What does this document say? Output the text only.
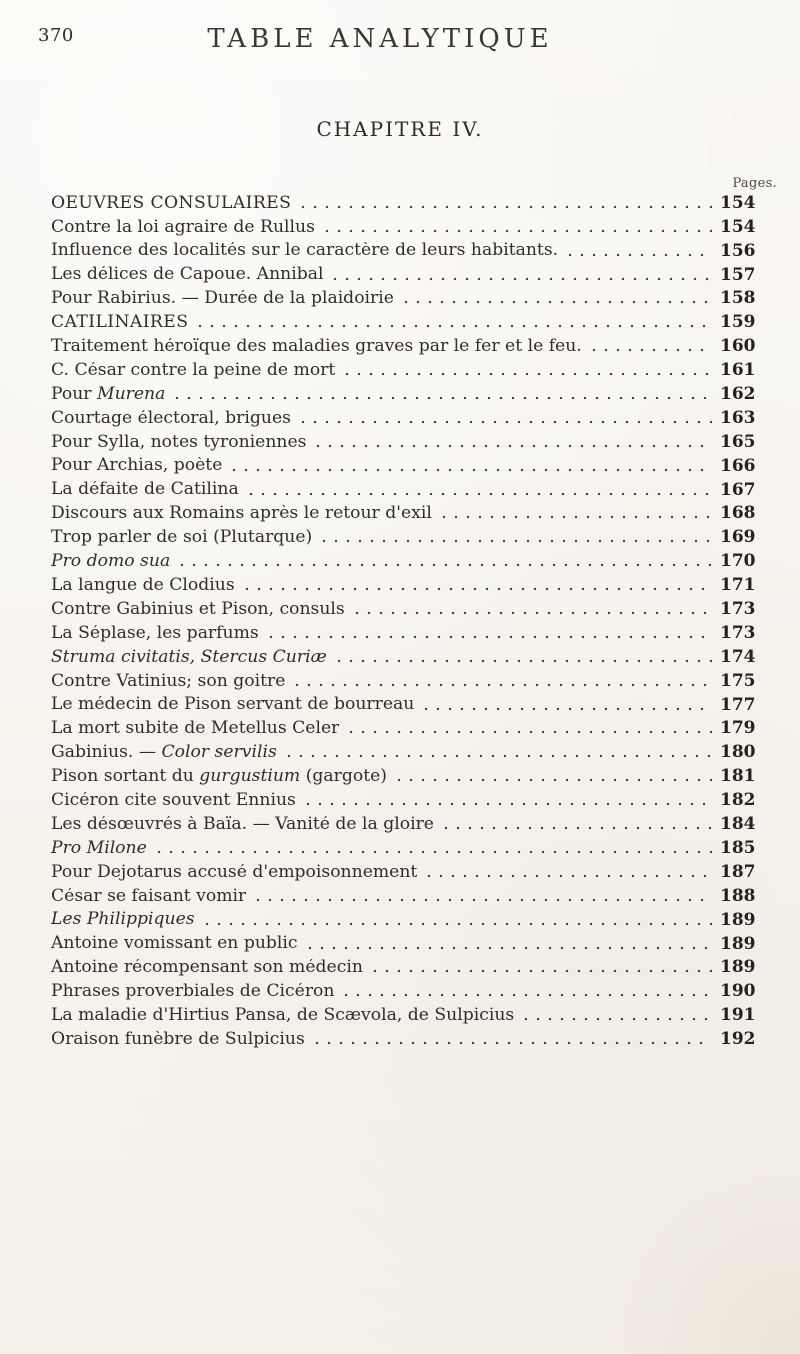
370	TABLE ANALYTIQUE
CHAPITRE IV.
Pages.
OEUVRES CONSULAIRES	154
Contre la loi agraire de Rullus	154
Influence des localités sur le caractère de leurs habitants.	156
Les délices de Capoue. Annibal	157
Pour Rabirius. — Durée de la plaidoirie	158
CATILINAIRES	159
Traitement héroïque des maladies graves par le fer et le feu.	160
C. César contre la peine de mort	161
Pour Murena	162
Courtage électoral, brigues	163
Pour Sylla, notes tyroniennes	165
Pour Archias, poète	166
La défaite de Catilina	167
Discours aux Romains après le retour d'exil	168
Trop parler de soi (Plutarque)	169
Pro domo sua	170
La langue de Clodius	171
Contre Gabinius et Pison, consuls	173
La Séplase, les parfums	173
Struma civitatis, Stercus Curiæ	174
Contre Vatinius; son goitre	175
Le médecin de Pison servant de bourreau	177
La mort subite de Metellus Celer	179
Gabinius. — Color servilis	180
Pison sortant du gurgustium (gargote)	181
Cicéron cite souvent Ennius	182
Les désœuvrés à Baïa. — Vanité de la gloire	184
Pro Milone	185
Pour Dejotarus accusé d'empoisonnement	187
César se faisant vomir	188
Les Philippiques	189
Antoine vomissant en public	189
Antoine récompensant son médecin	189
Phrases proverbiales de Cicéron	190
La maladie d'Hirtius Pansa, de Scævola, de Sulpicius	191
Oraison funèbre de Sulpicius	192
